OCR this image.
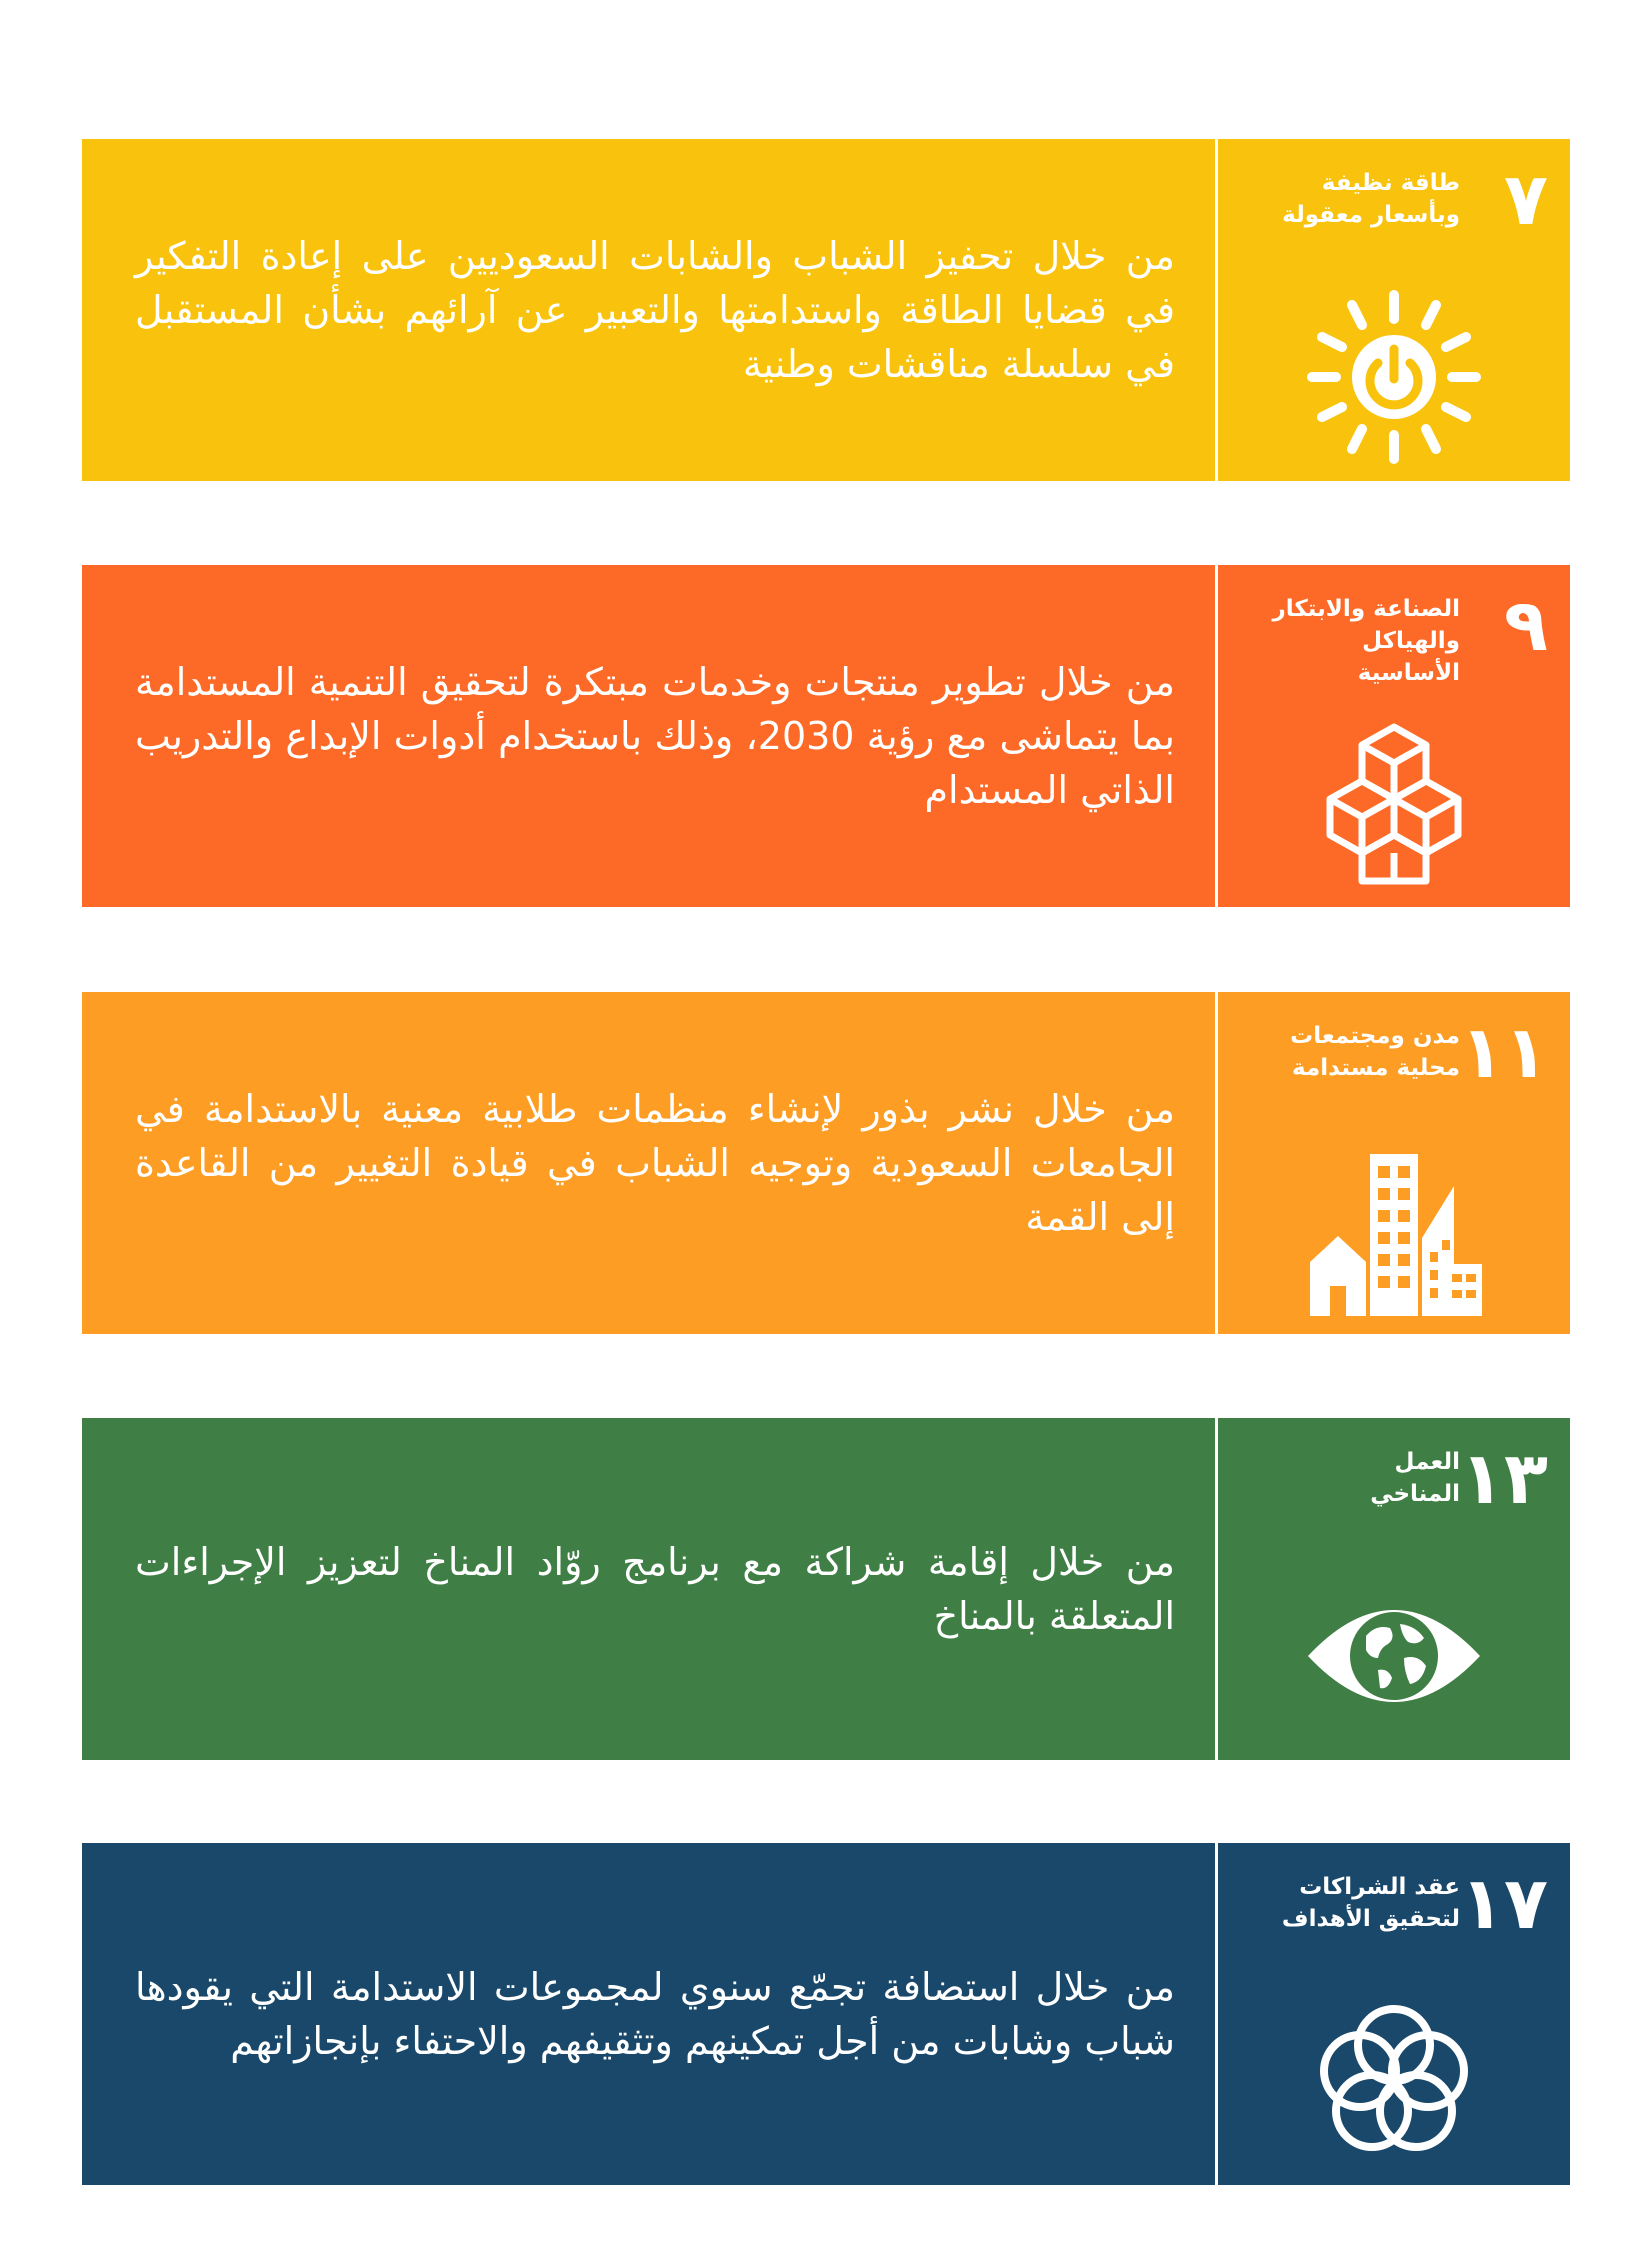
من خلال تحفيز الشباب والشابات السعوديين على إعادة التفكير في قضايا الطاقة واستدامتها والتعبير عن آرائهم بشأن المستقبل في سلسلة مناقشات وطنية
٧
طاقة نظيفة
وبأسعار معقولة
من خلال تطوير منتجات وخدمات مبتكرة لتحقيق التنمية المستدامة بما يتماشى مع رؤية 2030، وذلك باستخدام أدوات الإبداع والتدريب الذاتي المستدام
٩
الصناعة والابتكار
والهياكل
الأساسية
من خلال نشر بذور لإنشاء منظمات طلابية معنية بالاستدامة في الجامعات السعودية وتوجيه الشباب في قيادة التغيير من القاعدة إلى القمة
١١
مدن ومجتمعات
محلية مستدامة
من خلال إقامة شراكة مع برنامج روّاد المناخ لتعزيز الإجراءات المتعلقة بالمناخ
١٣
العمل
المناخي
من خلال استضافة تجمّع سنوي لمجموعات الاستدامة التي يقودها شباب وشابات من أجل تمكينهم وتثقيفهم والاحتفاء بإنجازاتهم
١٧
عقد الشراكات
لتحقيق الأهداف
